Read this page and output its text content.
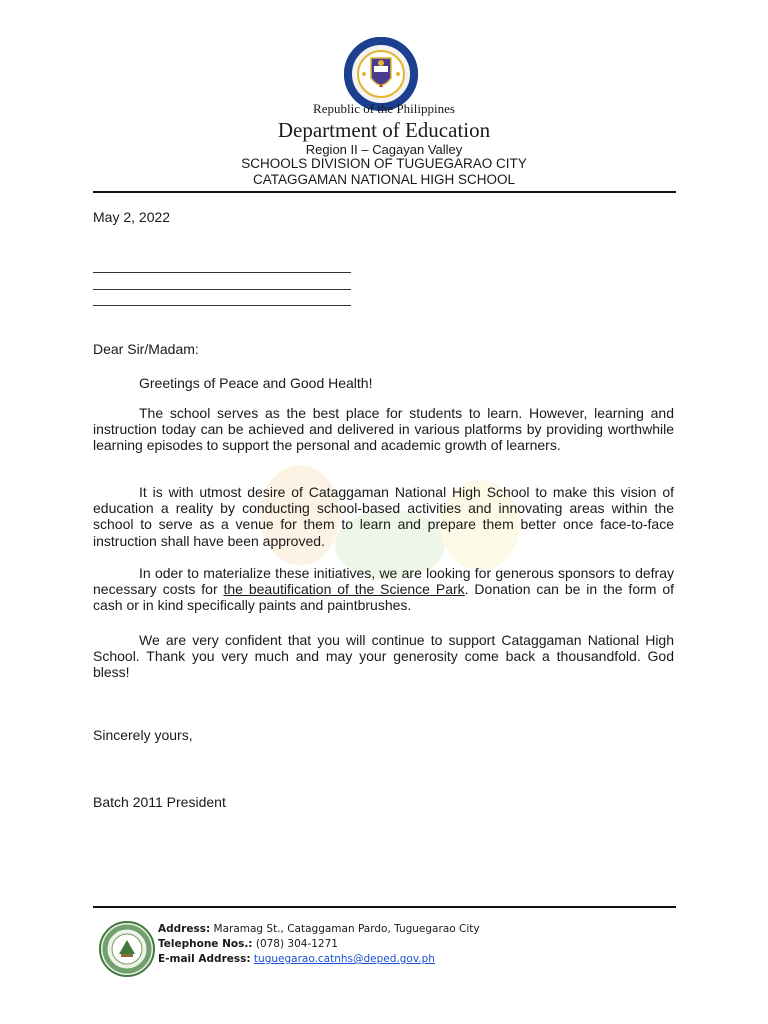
Republic of the Philippines
Department of Education
Region II – Cagayan Valley
SCHOOLS DIVISION OF TUGUEGARAO CITY
CATAGGAMAN NATIONAL HIGH SCHOOL
May 2, 2022
Dear Sir/Madam:
Greetings of Peace and Good Health!
The school serves as the best place for students to learn. However, learning and instruction today can be achieved and delivered in various platforms by providing worthwhile learning episodes to support the personal and academic growth of learners.
It is with utmost desire of Cataggaman National High School to make this vision of education a reality by conducting school-based activities and innovating areas within the school to serve as a venue for them to learn and prepare them better once face-to-face instruction shall have been approved.
In oder to materialize these initiatives, we are looking for generous sponsors to defray necessary costs for the beautification of the Science Park. Donation can be in the form of cash or in kind specifically paints and paintbrushes.
We are very confident that you will continue to support Cataggaman National High School. Thank you very much and may your generosity come back a thousandfold. God bless!
Sincerely yours,
Batch 2011 President
Address: Maramag St., Cataggaman Pardo, Tuguegarao City
Telephone Nos.: (078) 304-1271
E-mail Address: tuguegarao.catnhs@deped.gov.ph
